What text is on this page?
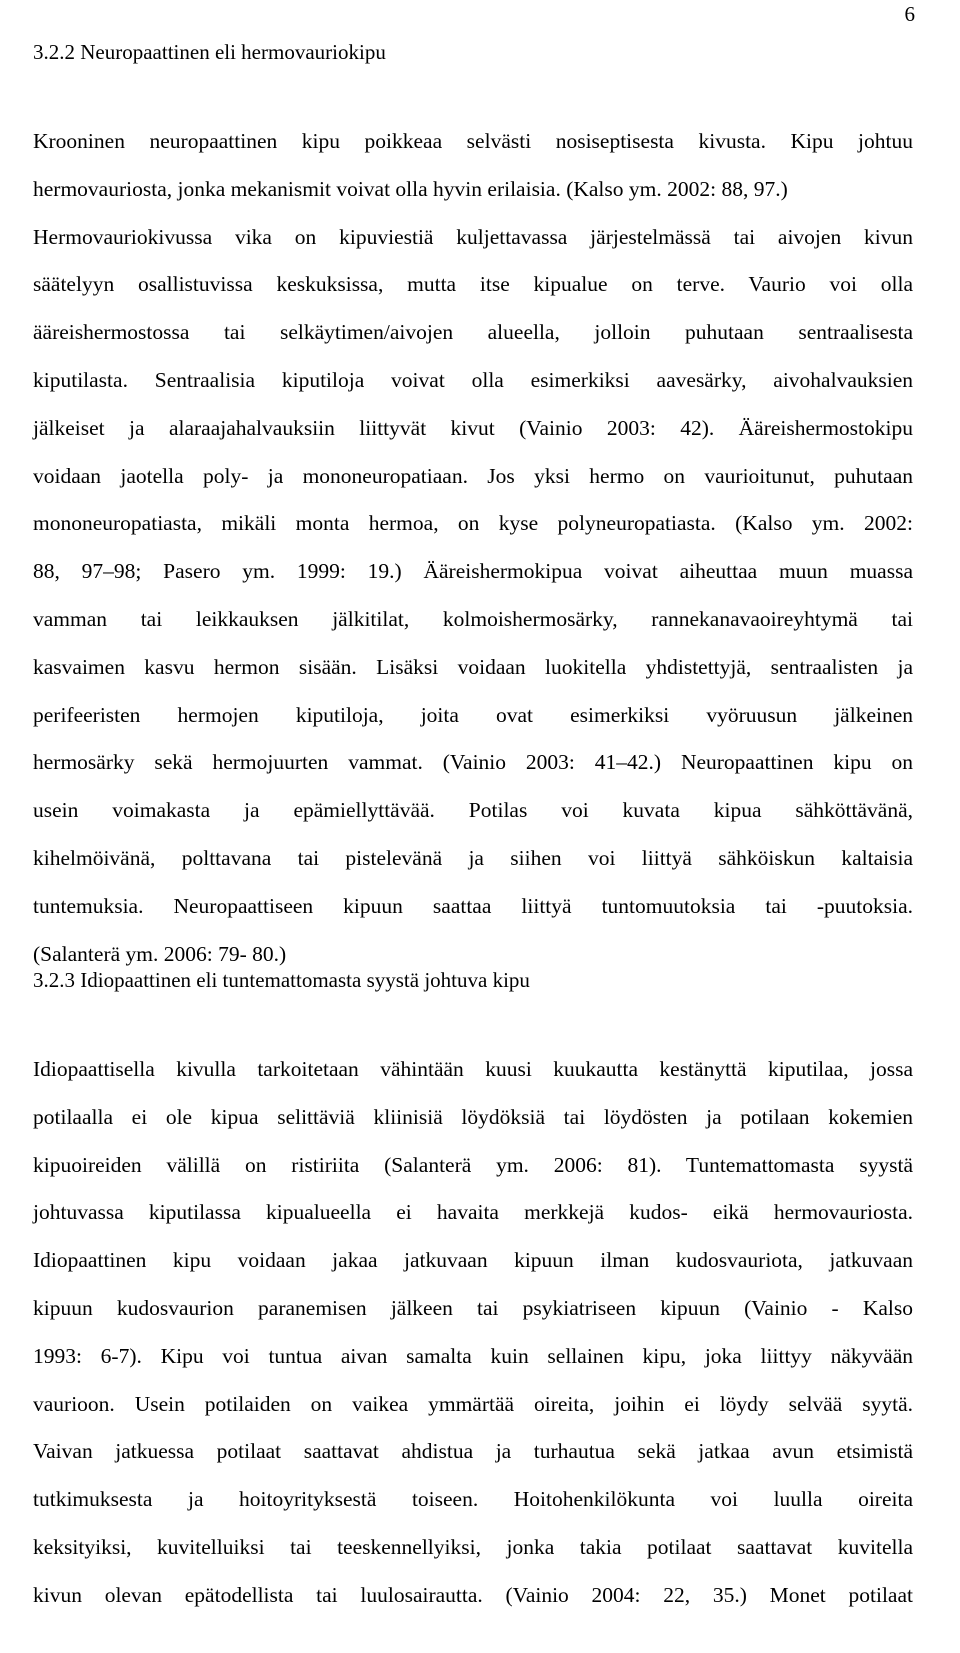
6
3.2.2 Neuropaattinen eli hermovauriokipu
Krooninen neuropaattinen kipu poikkeaa selvästi nosiseptisesta kivusta. Kipu johtuu
hermovauriosta, jonka mekanismit voivat olla hyvin erilaisia. (Kalso ym. 2002: 88, 97.)
Hermovauriokivussa vika on kipuviestiä kuljettavassa järjestelmässä tai aivojen kivun
säätelyyn osallistuvissa keskuksissa, mutta itse kipualue on terve. Vaurio voi olla
ääreishermostossa tai selkäytimen/aivojen alueella, jolloin puhutaan sentraalisesta
kiputilasta. Sentraalisia kiputiloja voivat olla esimerkiksi aavesärky, aivohalvauksien
jälkeiset ja alaraajahalvauksiin liittyvät kivut (Vainio 2003: 42). Ääreishermostokipu
voidaan jaotella poly- ja mononeuropatiaan. Jos yksi hermo on vaurioitunut, puhutaan
mononeuropatiasta, mikäli monta hermoa, on kyse polyneuropatiasta. (Kalso ym. 2002:
88, 97–98; Pasero ym. 1999: 19.) Ääreishermokipua voivat aiheuttaa muun muassa
vamman tai leikkauksen jälkitilat, kolmoishermosärky, rannekanavaoireyhtymä tai
kasvaimen kasvu hermon sisään. Lisäksi voidaan luokitella yhdistettyjä, sentraalisten ja
perifeeristen hermojen kiputiloja, joita ovat esimerkiksi vyöruusun jälkeinen
hermosärky sekä hermojuurten vammat. (Vainio 2003: 41–42.) Neuropaattinen kipu on
usein voimakasta ja epämiellyttävää. Potilas voi kuvata kipua sähköttävänä,
kihelmöivänä, polttavana tai pistelevänä ja siihen voi liittyä sähköiskun kaltaisia
tuntemuksia. Neuropaattiseen kipuun saattaa liittyä tuntomuutoksia tai -puutoksia.
(Salanterä ym. 2006: 79- 80.)
3.2.3 Idiopaattinen eli tuntemattomasta syystä johtuva kipu
Idiopaattisella kivulla tarkoitetaan vähintään kuusi kuukautta kestänyttä kiputilaa, jossa
potilaalla ei ole kipua selittäviä kliinisiä löydöksiä tai löydösten ja potilaan kokemien
kipuoireiden välillä on ristiriita (Salanterä ym. 2006: 81). Tuntemattomasta syystä
johtuvassa kiputilassa kipualueella ei havaita merkkejä kudos- eikä hermovauriosta.
Idiopaattinen kipu voidaan jakaa jatkuvaan kipuun ilman kudosvauriota, jatkuvaan
kipuun kudosvaurion paranemisen jälkeen tai psykiatriseen kipuun (Vainio - Kalso
1993: 6-7). Kipu voi tuntua aivan samalta kuin sellainen kipu, joka liittyy näkyvään
vaurioon. Usein potilaiden on vaikea ymmärtää oireita, joihin ei löydy selvää syytä.
Vaivan jatkuessa potilaat saattavat ahdistua ja turhautua sekä jatkaa avun etsimistä
tutkimuksesta ja hoitoyrityksestä toiseen. Hoitohenkilökunta voi luulla oireita
keksityiksi, kuvitelluiksi tai teeskennellyiksi, jonka takia potilaat saattavat kuvitella
kivun olevan epätodellista tai luulosairautta. (Vainio 2004: 22, 35.) Monet potilaat
